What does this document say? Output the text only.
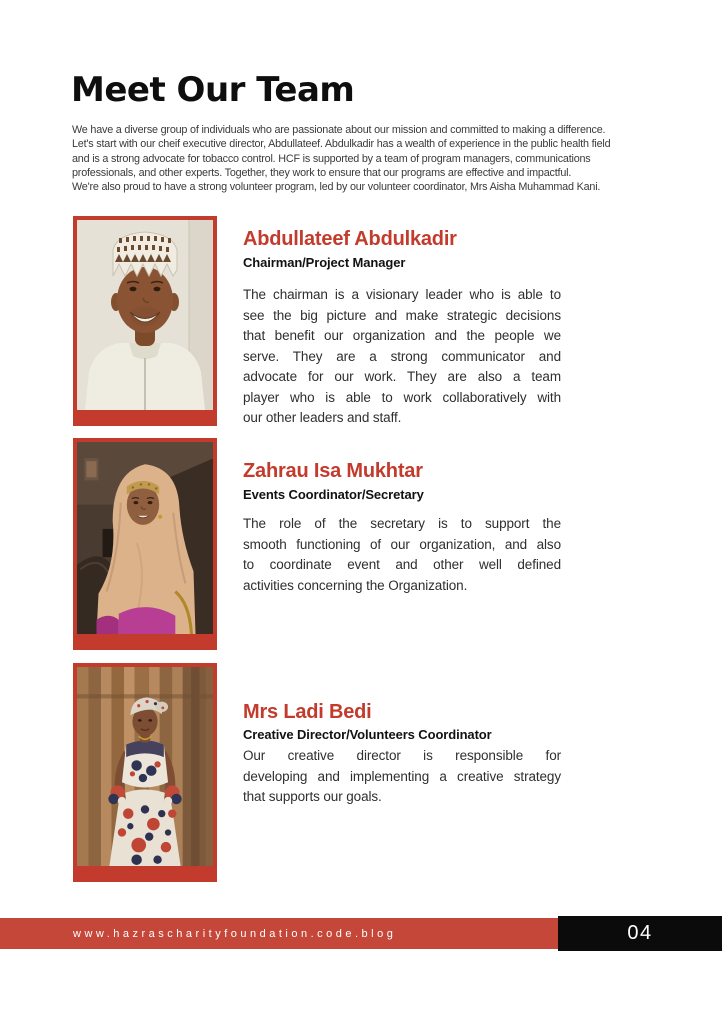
Meet Our Team
We have a diverse group of individuals who are passionate about our mission and committed to making a difference.
Let's start with our cheif executive director, Abdullateef. Abdulkadir has a wealth of experience in the public health field
and is a strong advocate for tobacco control. HCF is supported by a team of program managers, communications
professionals, and other experts. Together, they work to ensure that our programs are effective and impactful.
We're also proud to have a strong volunteer program, led by our volunteer coordinator, Mrs Aisha Muhammad Kani.
Abdullateef Abdulkadir
Chairman/Project Manager
The chairman is a visionary leader who is able to
see the big picture and make strategic decisions
that benefit our organization and the people we
serve. They are a strong communicator and
advocate for our work. They are also a team
player who is able to work collaboratively with
our other leaders and staff.
Zahrau Isa Mukhtar
Events Coordinator/Secretary
The role of the secretary is to support the
smooth functioning of our organization, and also
to coordinate event and other well defined
activities concerning the Organization.
Mrs Ladi Bedi
Creative Director/Volunteers Coordinator
Our creative director is responsible for
developing and implementing a creative strategy
that supports our goals.
www.hazrascharityfoundation.code.blog	04
